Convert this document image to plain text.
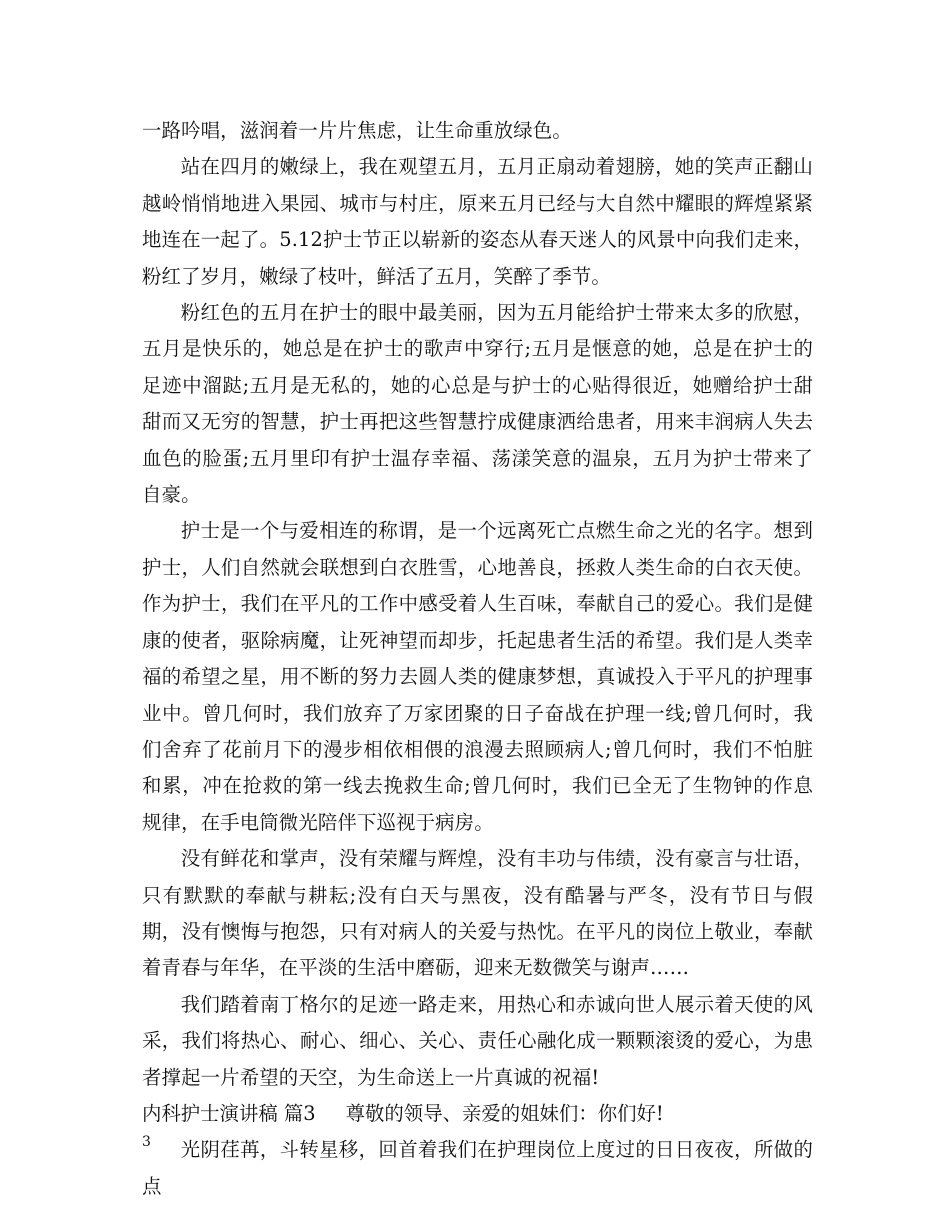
一路吟唱，滋润着一片片焦虑，让生命重放绿色。

站在四月的嫩绿上，我在观望五月，五月正扇动着翅膀，她的笑声正翻山越岭悄悄地进入果园、城市与村庄，原来五月已经与大自然中耀眼的辉煌紧紧地连在一起了。5.12护士节正以崭新的姿态从春天迷人的风景中向我们走来，粉红了岁月，嫩绿了枝叶，鲜活了五月，笑醉了季节。

粉红色的五月在护士的眼中最美丽，因为五月能给护士带来太多的欣慰，五月是快乐的，她总是在护士的歌声中穿行;五月是惬意的她，总是在护士的足迹中溜跶;五月是无私的，她的心总是与护士的心贴得很近，她赠给护士甜甜而又无穷的智慧，护士再把这些智慧拧成健康洒给患者，用来丰润病人失去血色的脸蛋;五月里印有护士温存幸福、荡漾笑意的温泉，五月为护士带来了自豪。

护士是一个与爱相连的称谓，是一个远离死亡点燃生命之光的名字。想到护士，人们自然就会联想到白衣胜雪，心地善良，拯救人类生命的白衣天使。作为护士，我们在平凡的工作中感受着人生百味，奉献自己的爱心。我们是健康的使者，驱除病魔，让死神望而却步，托起患者生活的希望。我们是人类幸福的希望之星，用不断的努力去圆人类的健康梦想，真诚投入于平凡的护理事业中。曾几何时，我们放弃了万家团聚的日子奋战在护理一线;曾几何时，我们舍弃了花前月下的漫步相依相偎的浪漫去照顾病人;曾几何时，我们不怕脏和累，冲在抢救的第一线去挽救生命;曾几何时，我们已全无了生物钟的作息规律，在手电筒微光陪伴下巡视于病房。

没有鲜花和掌声，没有荣耀与辉煌，没有丰功与伟绩，没有豪言与壮语，只有默默的奉献与耕耘;没有白天与黑夜，没有酷暑与严冬，没有节日与假期，没有懊悔与抱怨，只有对病人的关爱与热忱。在平凡的岗位上敬业，奉献着青春与年华，在平淡的生活中磨砺，迎来无数微笑与谢声……

我们踏着南丁格尔的足迹一路走来，用热心和赤诚向世人展示着天使的风采，我们将热心、耐心、细心、关心、责任心融化成一颗颗滚烫的爱心，为患者撑起一片希望的天空，为生命送上一片真诚的祝福!

内科护士演讲稿 篇3 尊敬的领导、亲爱的姐妹们：你们好!

光阴荏苒，斗转星移，回首着我们在护理岗位上度过的日日夜夜，所做的点

3
